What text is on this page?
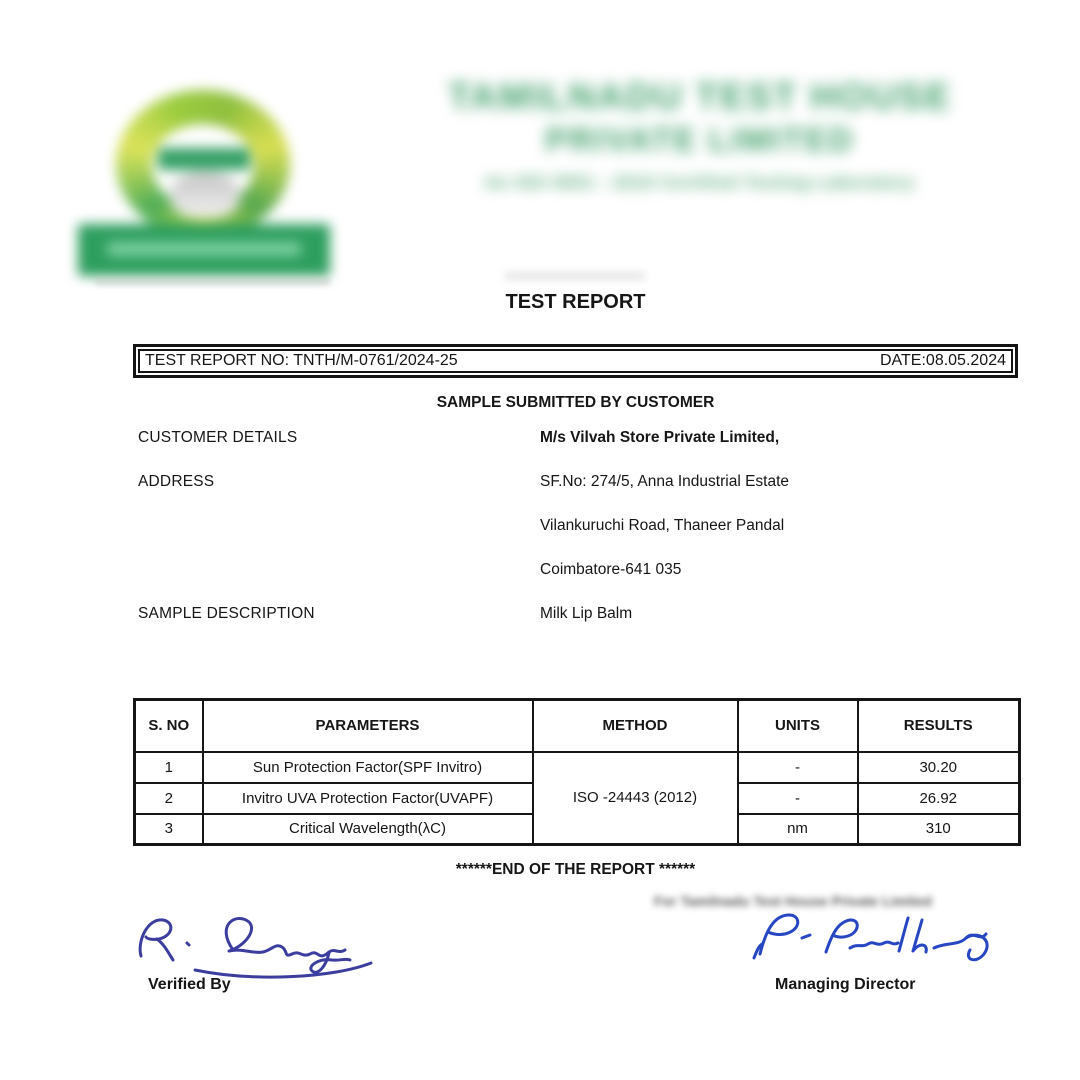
TAMILNADU TEST HOUSE
PRIVATE LIMITED
An ISO 9001 : 2015 Certified Testing Laboratory
TEST REPORT
TEST REPORT NO: TNTH/M-0761/2024-25	DATE:08.05.2024
SAMPLE SUBMITTED BY CUSTOMER
CUSTOMER DETAILS	M/s Vilvah Store Private Limited,
ADDRESS	SF.No: 274/5, Anna Industrial Estate
Vilankuruchi Road, Thaneer Pandal
Coimbatore-641 035
SAMPLE DESCRIPTION	Milk Lip Balm
S. NO	PARAMETERS	METHOD	UNITS	RESULTS
1	Sun Protection Factor(SPF Invitro)	ISO -24443 (2012)	-	30.20
2	Invitro UVA Protection Factor(UVAPF)		-	26.92
3	Critical Wavelength(λC)		nm	310
******END OF THE REPORT ******
For Tamilnadu Test House Private Limited
Verified By	Managing Director
